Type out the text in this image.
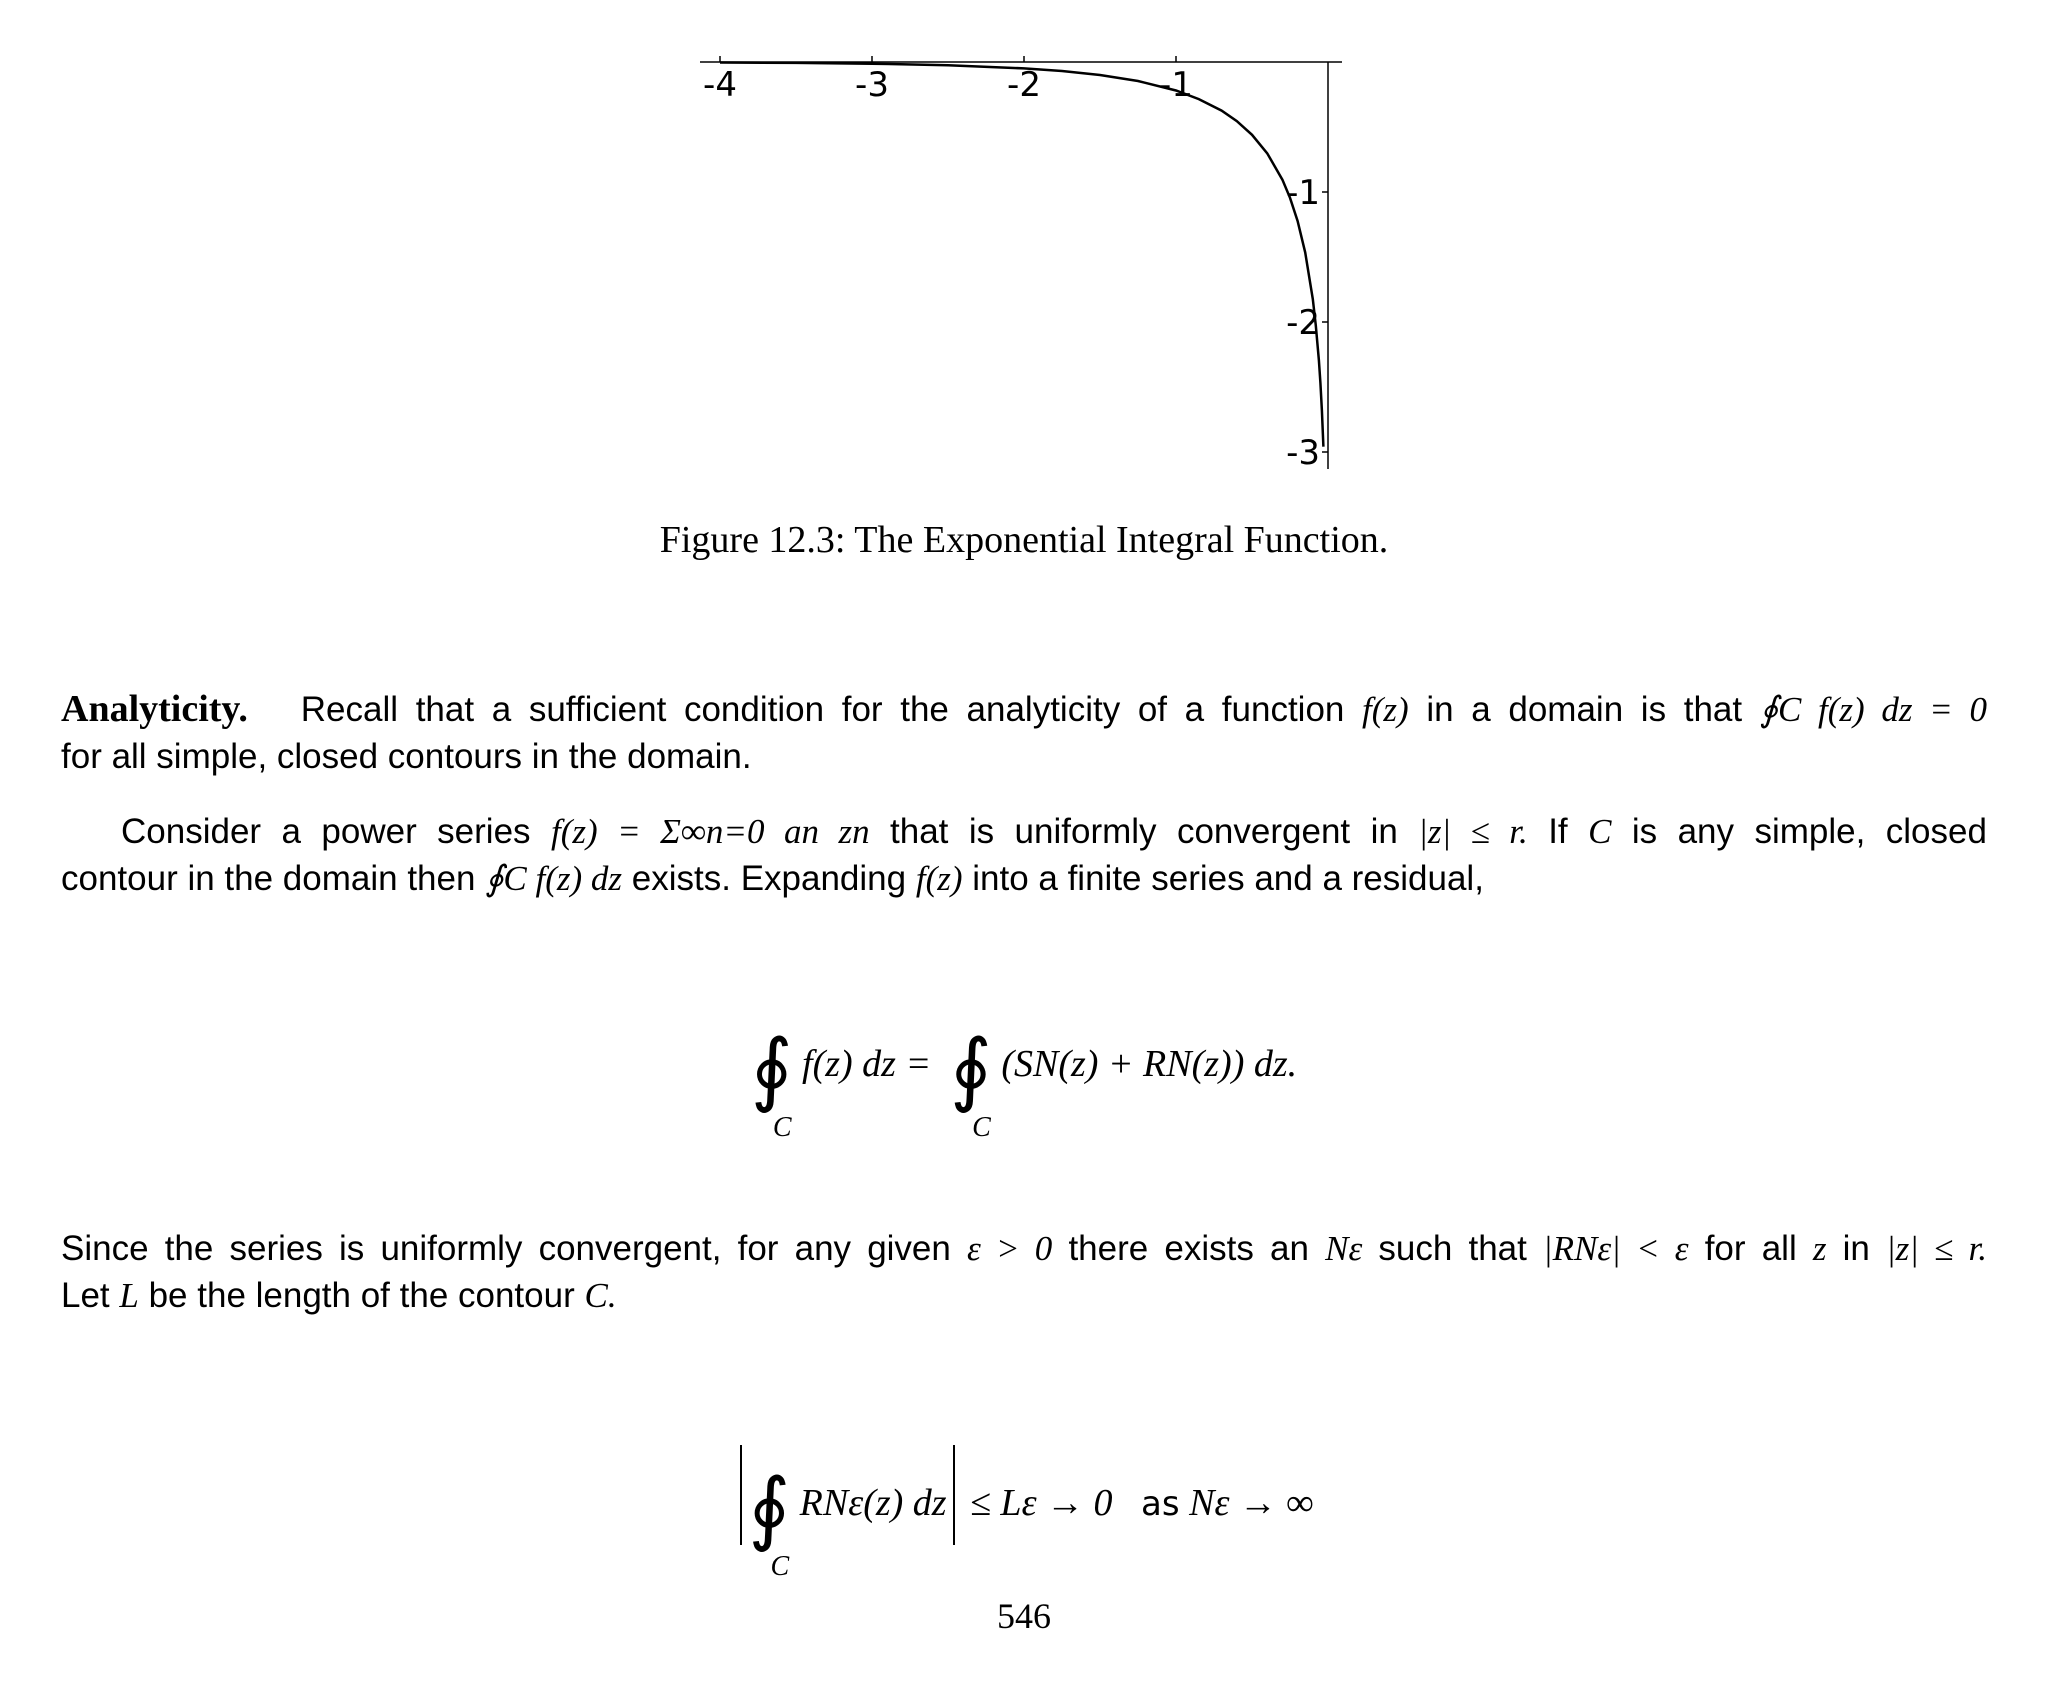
-4	-3	-2	-1
-1
-2
-3
Figure 12.3: The Exponential Integral Function.
Analyticity. Recall that a sufficient condition for the analyticity of a function f(z) in a domain is that ∮C f(z) dz = 0
for all simple, closed contours in the domain.
Consider a power series f(z) = Σ∞n=0 an zn that is uniformly convergent in |z| ≤ r. If C is any simple, closed
contour in the domain then ∮C f(z) dz exists. Expanding f(z) into a finite series and a residual,
∮
C
f(z) dz = ∮
C
(SN(z) + RN(z)) dz.
Since the series is uniformly convergent, for any given ε > 0 there exists an Nε such that |RNε| < ε for all z in |z| ≤ r.
Let L be the length of the contour C.
∮
C
RNε(z) dz ≤ Lε → 0 as Nε → ∞
546
